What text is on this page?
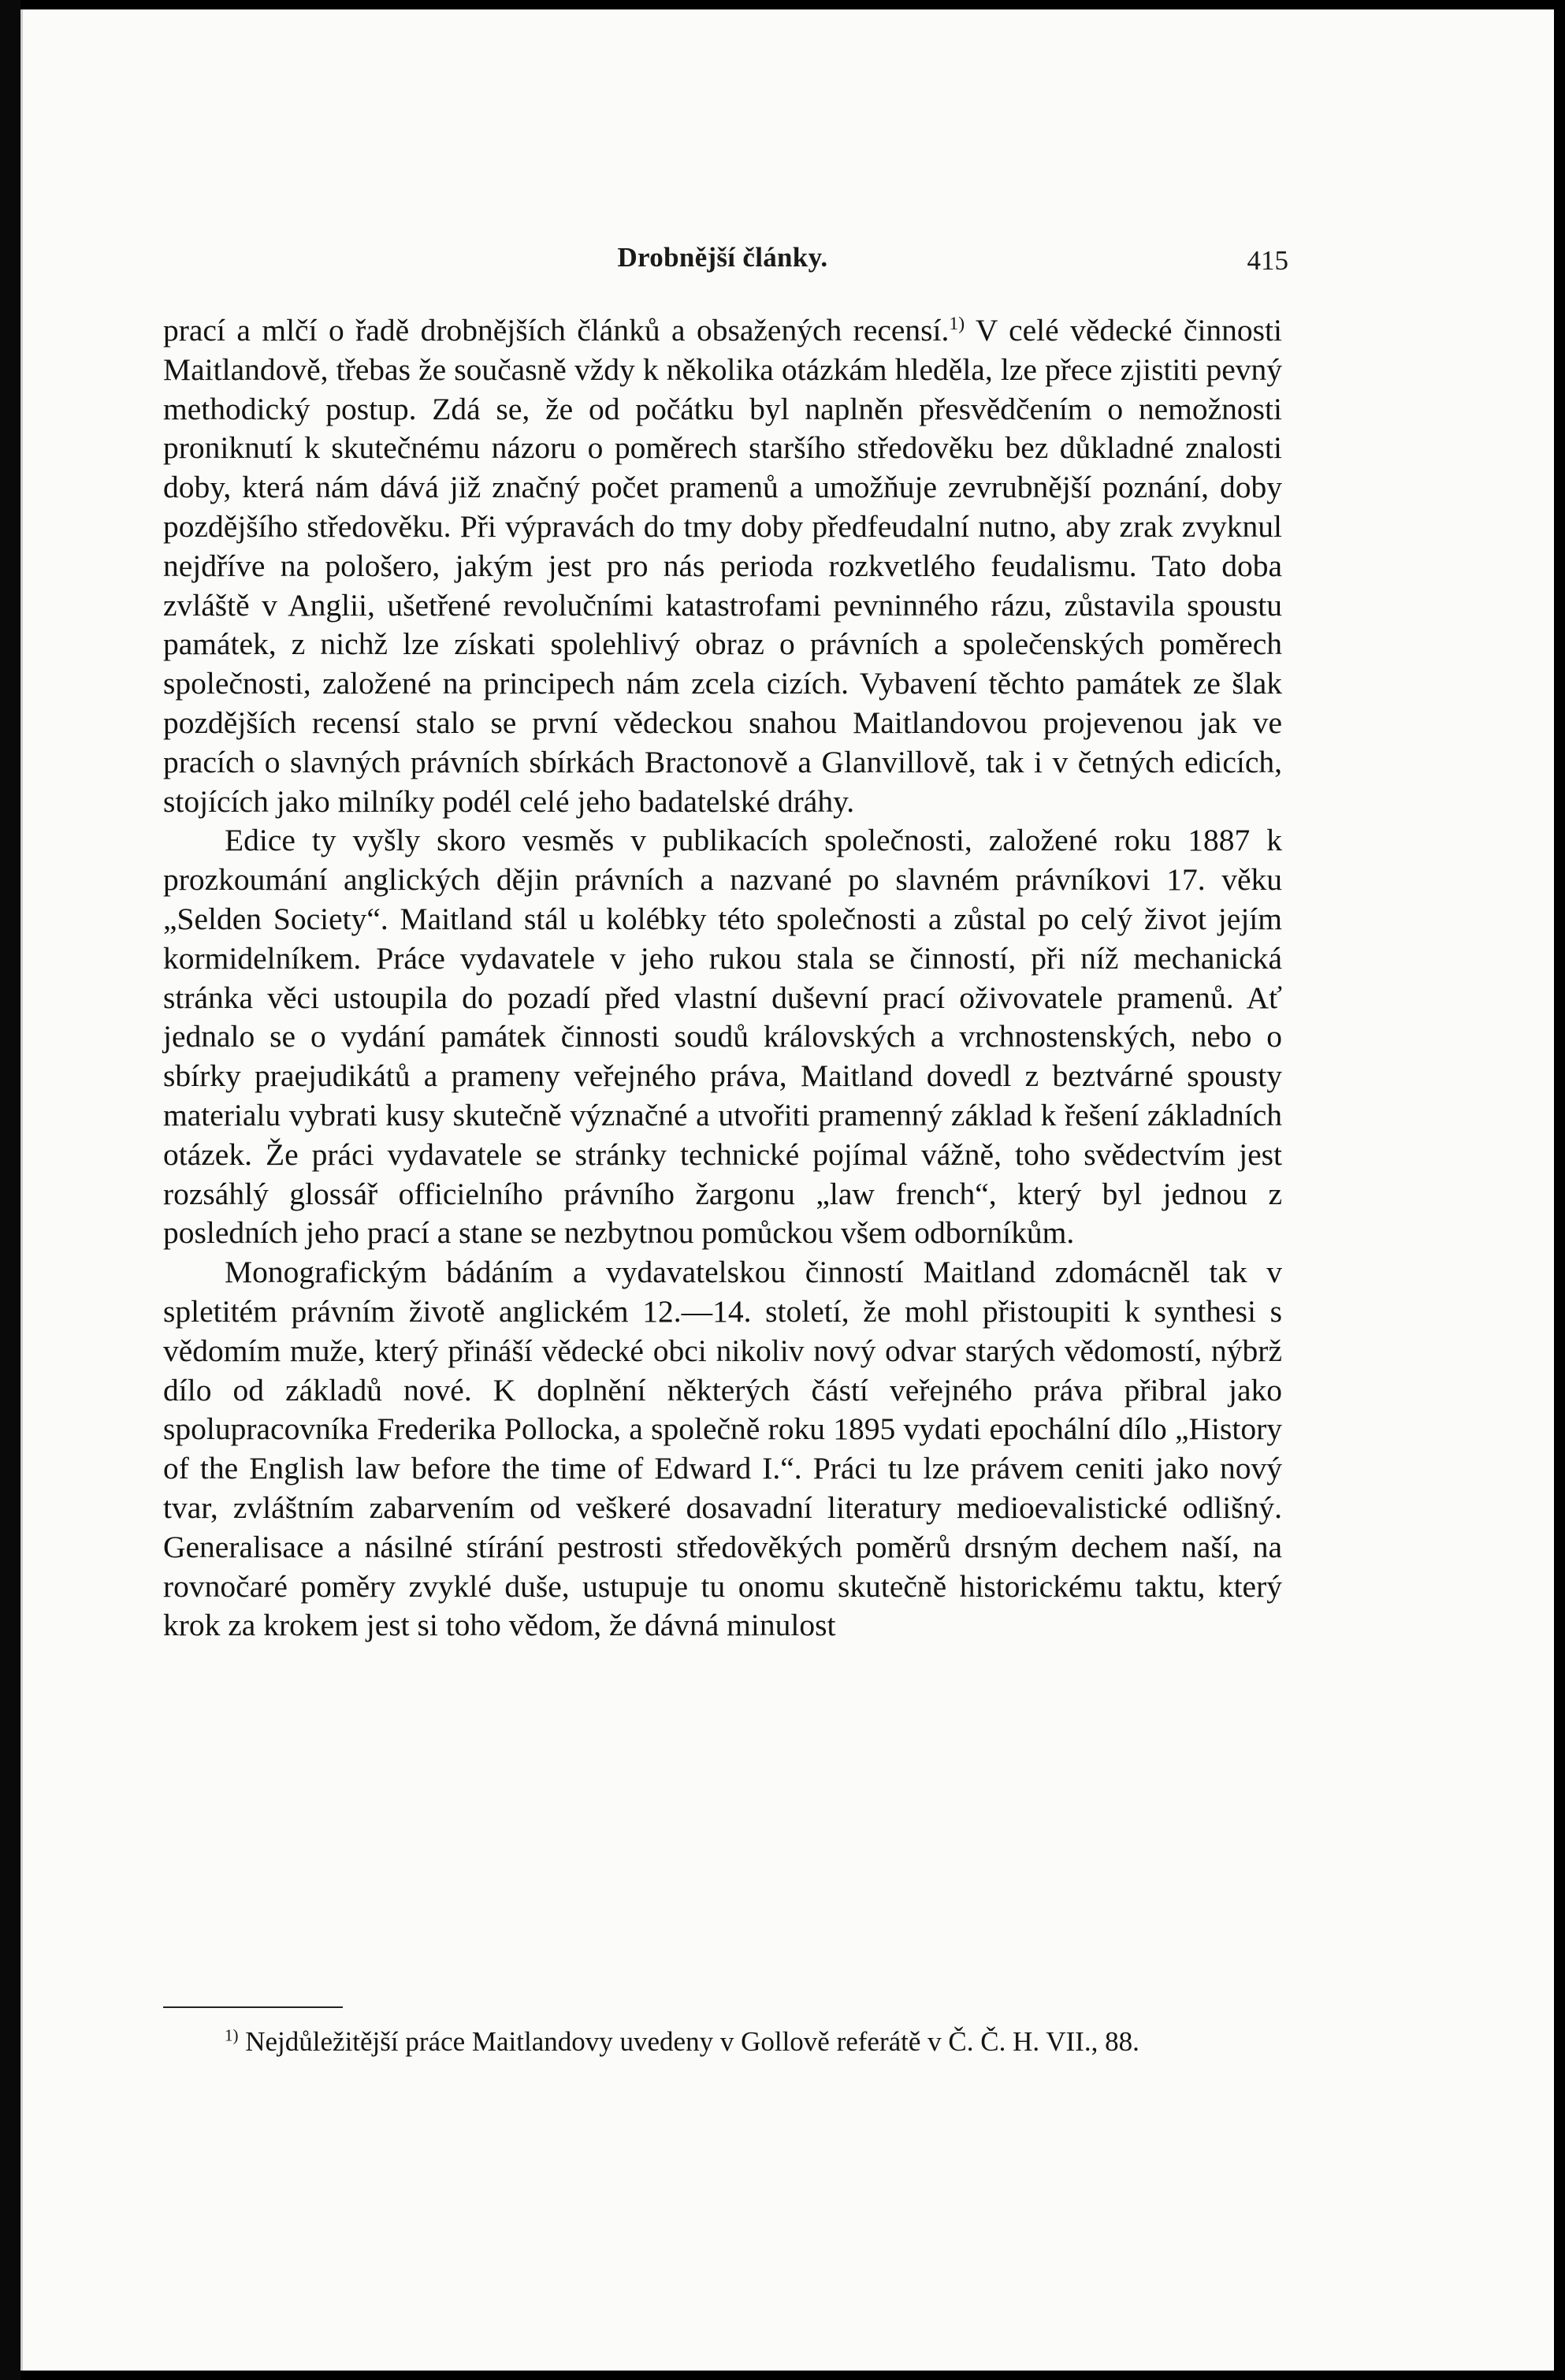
Drobnější články.	415

prací a mlčí o řadě drobnějších článků a obsažených recensí.$^{1)}$ V celé vědecké činnosti Maitlandově, třebas že současně vždy k několika otázkám hleděla, lze přece zjistiti pevný methodický postup. Zdá se, že od počátku byl naplněn přesvědčením o nemožnosti proniknutí k skutečnému názoru o poměrech staršího středověku bez důkladné znalosti doby, která nám dává již značný počet pramenů a umožňuje zevrubnější poznání, doby pozdějšího středověku. Při výpravách do tmy doby předfeudalní nutno, aby zrak zvyknul nejdříve na pološero, jakým jest pro nás perioda rozkvetlého feudalismu. Tato doba zvláště v Anglii, ušetřené revolučními katastrofami pevninného rázu, zůstavila spoustu památek, z nichž lze získati spolehlivý obraz o právních a společenských poměrech společnosti, založené na principech nám zcela cizích. Vybavení těchto památek ze šlak pozdějších recensí stalo se první vědeckou snahou Maitlandovou projevenou jak ve pracích o slavných právních sbírkách Bractonově a Glanvillově, tak i v četných edicích, stojících jako milníky podél celé jeho badatelské dráhy.

Edice ty vyšly skoro vesměs v publikacích společnosti, založené roku 1887 k prozkoumání anglických dějin právních a nazvané po slavném právníkovi 17. věku „Selden Society“. Maitland stál u kolébky této společnosti a zůstal po celý život jejím kormidelníkem. Práce vydavatele v jeho rukou stala se činností, při níž mechanická stránka věci ustoupila do pozadí před vlastní duševní prací oživovatele pramenů. Ať jednalo se o vydání památek činnosti soudů královských a vrchnostenských, nebo o sbírky praejudikátů a prameny veřejného práva, Maitland dovedl z beztvárné spousty materialu vybrati kusy skutečně význačné a utvořiti pramenný základ k řešení základních otázek. Že práci vydavatele se stránky technické pojímal vážně, toho svědectvím jest rozsáhlý glossář officielního právního žargonu „law french“, který byl jednou z posledních jeho prací a stane se nezbytnou pomůckou všem odborníkům.

Monografickým bádáním a vydavatelskou činností Maitland zdomácněl tak v spletitém právním životě anglickém 12.—14. století, že mohl přistoupiti k synthesi s vědomím muže, který přináší vědecké obci nikoliv nový odvar starých vědomostí, nýbrž dílo od základů nové. K doplnění některých částí veřejného práva přibral jako spolupracovníka Frederika Pollocka, a společně roku 1895 vydati epochální dílo „History of the English law before the time of Edward I.“. Práci tu lze právem ceniti jako nový tvar, zvláštním zabarvením od veškeré dosavadní literatury medioevalistické odlišný. Generalisace a násilné stírání pestrosti středověkých poměrů drsným dechem naší, na rovnočaré poměry zvyklé duše, ustupuje tu onomu skutečně historickému taktu, který krok za krokem jest si toho vědom, že dávná minulost

$^{1)}$ Nejdůležitější práce Maitlandovy uvedeny v Gollově referátě v Č. Č. H. VII., 88.
